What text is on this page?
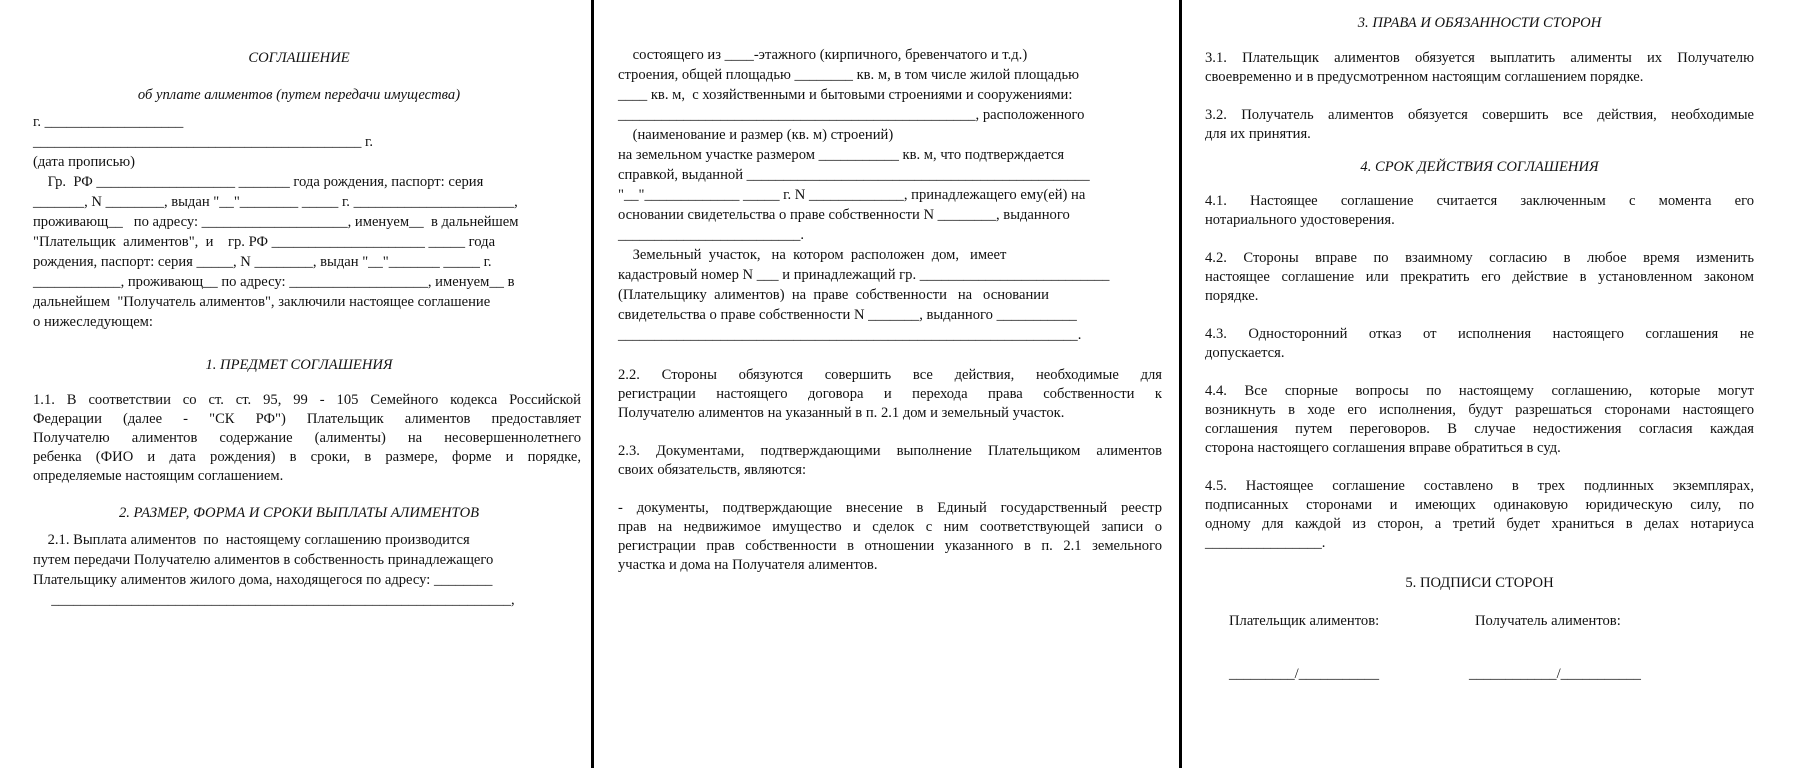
СОГЛАШЕНИЕ
об уплате алиментов (путем передачи имущества)
г. ___________________
_____________________________________________ г.
(дата прописью)
Гр.  РФ ___________________ _______ года рождения, паспорт: серия
_______, N ________, выдан "__"________ _____ г. ______________________,
проживающ__   по адресу: ____________________, именуем__  в дальнейшем
"Плательщик  алиментов",  и    гр. РФ _____________________ _____ года
рождения, паспорт: серия _____, N ________, выдан "__"_______ _____ г.
____________, проживающ__ по адресу: ___________________, именуем__ в
дальнейшем  "Получатель алиментов", заключили настоящее соглашение
о нижеследующем:
1. ПРЕДМЕТ СОГЛАШЕНИЯ
1.1. В соответствии со ст. ст. 95, 99 - 105 Семейного кодекса Российской
Федерации (далее - "СК РФ") Плательщик алиментов предоставляет
Получателю алиментов содержание (алименты) на несовершеннолетнего
ребенка (ФИО и дата рождения) в сроки, в размере, форме и порядке,
определяемые настоящим соглашением.
2. РАЗМЕР, ФОРМА И СРОКИ ВЫПЛАТЫ АЛИМЕНТОВ
2.1. Выплата алиментов  по  настоящему соглашению производится
путем передачи Получателю алиментов в собственность принадлежащего
Плательщику алиментов жилого дома, находящегося по адресу: ________
_______________________________________________________________,
состоящего из ____-этажного (кирпичного, бревенчатого и т.д.)
строения, общей площадью ________ кв. м, в том числе жилой площадью
____ кв. м,  с хозяйственными и бытовыми строениями и сооружениями:
_________________________________________________, расположенного
(наименование и размер (кв. м) строений)
на земельном участке размером ___________ кв. м, что подтверждается
справкой, выданной _______________________________________________
"__"_____________ _____ г. N _____________, принадлежащего ему(ей) на
основании свидетельства о праве собственности N ________, выданного
_________________________.
Земельный  участок,   на  котором  расположен  дом,   имеет
кадастровый номер N ___ и принадлежащий гр. __________________________
(Плательщику  алиментов)  на  праве  собственности   на   основании
свидетельства о праве собственности N _______, выданного ___________
_______________________________________________________________.
2.2. Стороны обязуются совершить все действия, необходимые для
регистрации настоящего договора и перехода права собственности к
Получателю алиментов на указанный в п. 2.1 дом и земельный участок.
2.3. Документами, подтверждающими выполнение Плательщиком алиментов
своих обязательств, являются:
- документы, подтверждающие внесение в Единый государственный реестр
прав на недвижимое имущество и сделок с ним соответствующей записи о
регистрации прав собственности в отношении указанного в п. 2.1 земельного
участка и дома на Получателя алиментов.
3. ПРАВА И ОБЯЗАННОСТИ СТОРОН
3.1. Плательщик алиментов обязуется выплатить алименты их Получателю
своевременно и в предусмотренном настоящим соглашением порядке.
3.2. Получатель алиментов обязуется совершить все действия, необходимые
для их принятия.
4. СРОК ДЕЙСТВИЯ СОГЛАШЕНИЯ
4.1. Настоящее соглашение считается заключенным с момента его
нотариального удостоверения.
4.2. Стороны вправе по взаимному согласию в любое время изменить
настоящее соглашение или прекратить его действие в установленном законом
порядке.
4.3. Односторонний отказ от исполнения настоящего соглашения не
допускается.
4.4. Все спорные вопросы по настоящему соглашению, которые могут
возникнуть в ходе его исполнения, будут разрешаться сторонами настоящего
соглашения путем переговоров. В случае недостижения согласия каждая
сторона настоящего соглашения вправе обратиться в суд.
4.5. Настоящее соглашение составлено в трех подлинных экземплярах,
подписанных сторонами и имеющих одинаковую юридическую силу, по
одному для каждой из сторон, а третий будет храниться в делах нотариуса
________________.
5. ПОДПИСИ СТОРОН
Плательщик алиментов:	Получатель алиментов:
_________/___________	____________/___________
